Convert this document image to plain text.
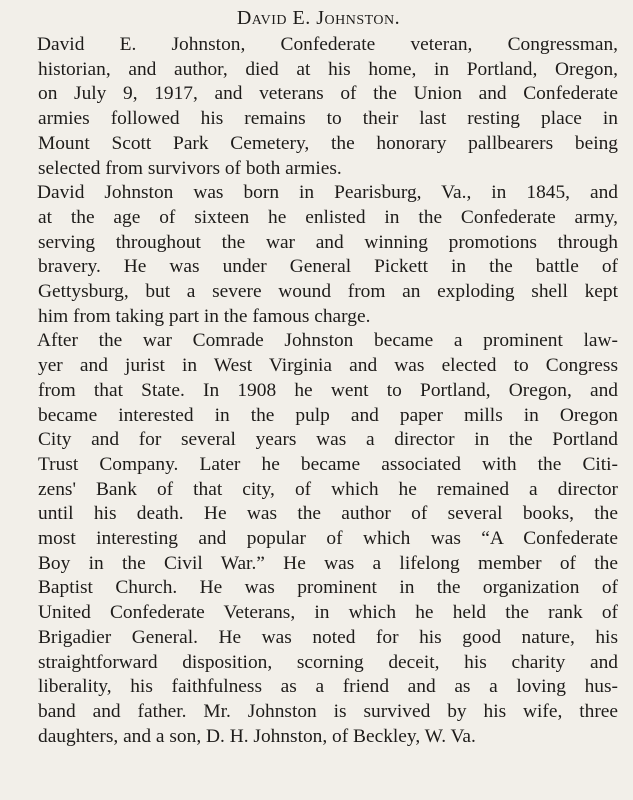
David E. Johnston.

David E. Johnston, Confederate veteran, Congressman,
historian, and author, died at his home, in Portland, Oregon,
on July 9, 1917, and veterans of the Union and Confederate
armies followed his remains to their last resting place in
Mount Scott Park Cemetery, the honorary pallbearers being
selected from survivors of both armies.

David Johnston was born in Pearisburg, Va., in 1845, and
at the age of sixteen he enlisted in the Confederate army,
serving throughout the war and winning promotions through
bravery. He was under General Pickett in the battle of
Gettysburg, but a severe wound from an exploding shell kept
him from taking part in the famous charge.

After the war Comrade Johnston became a prominent law-
yer and jurist in West Virginia and was elected to Congress
from that State. In 1908 he went to Portland, Oregon, and
became interested in the pulp and paper mills in Oregon
City and for several years was a director in the Portland
Trust Company. Later he became associated with the Citi-
zens' Bank of that city, of which he remained a director
until his death. He was the author of several books, the
most interesting and popular of which was “A Confederate
Boy in the Civil War.” He was a lifelong member of the
Baptist Church. He was prominent in the organization of
United Confederate Veterans, in which he held the rank of
Brigadier General. He was noted for his good nature, his
straightforward disposition, scorning deceit, his charity and
liberality, his faithfulness as a friend and as a loving hus-
band and father. Mr. Johnston is survived by his wife, three
daughters, and a son, D. H. Johnston, of Beckley, W. Va.
